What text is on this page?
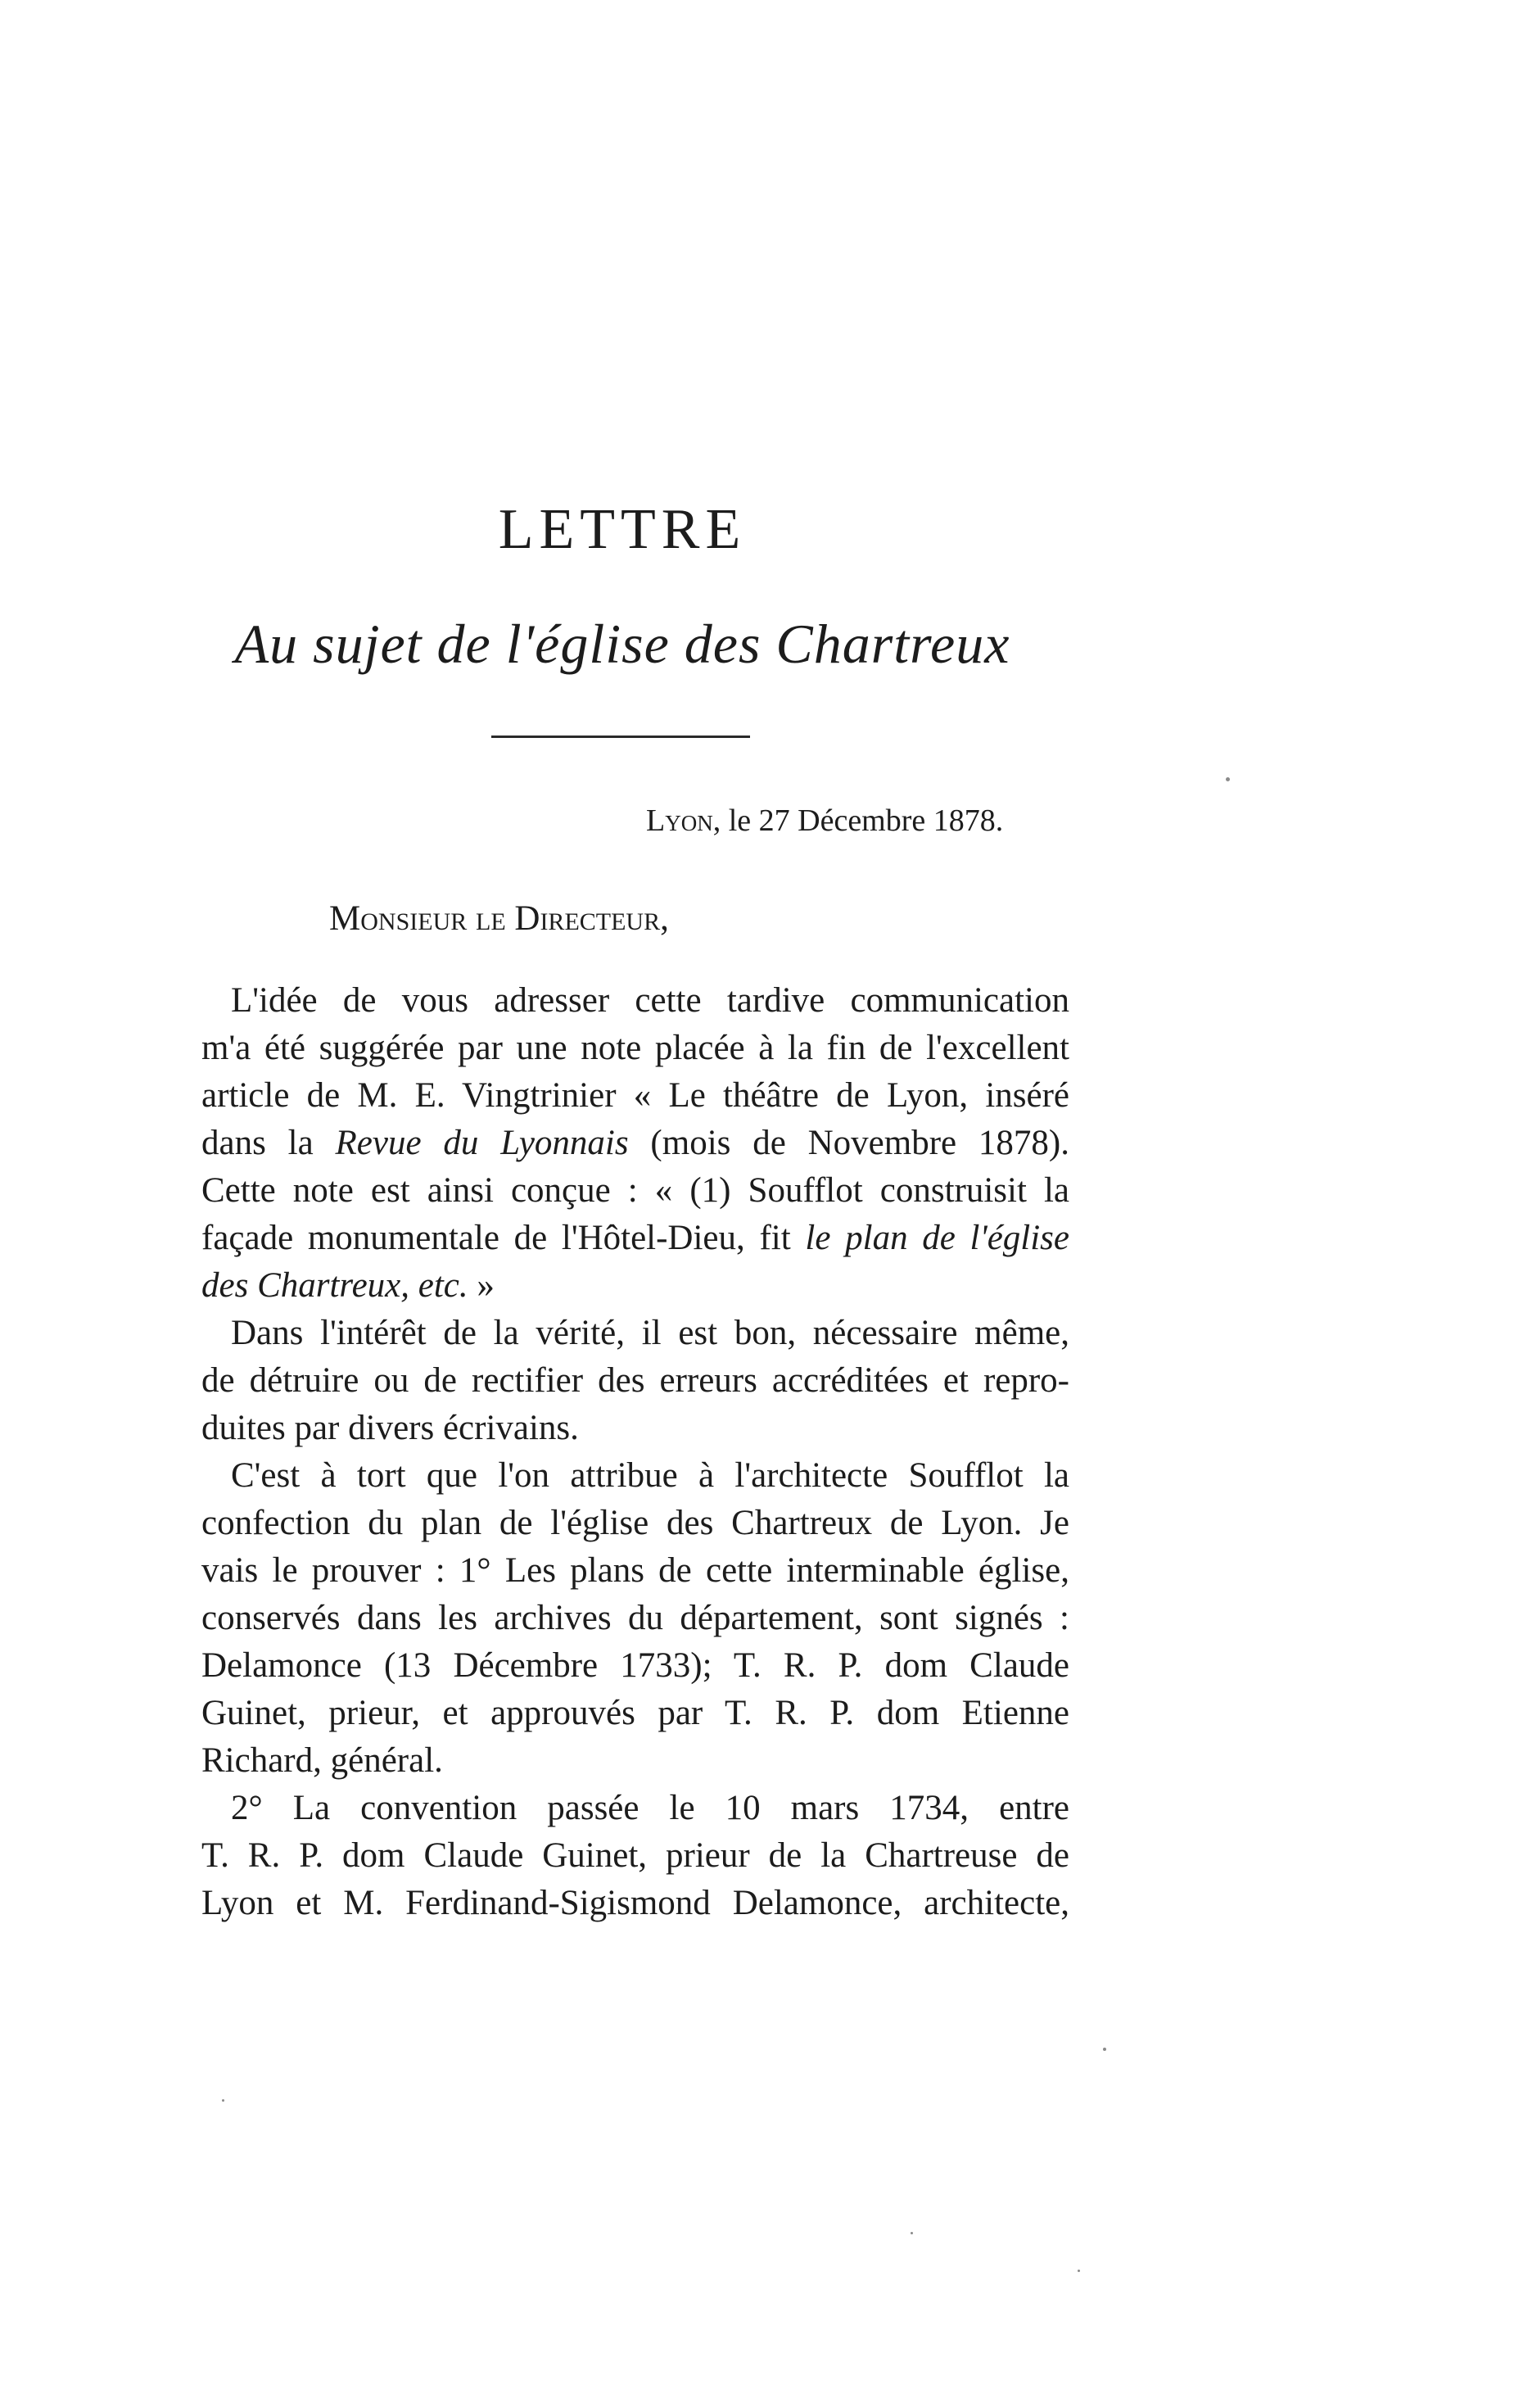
LETTRE
Au sujet de l'église des Chartreux
Lyon, le 27 Décembre 1878.
Monsieur le Directeur,
L'idée de vous adresser cette tardive communication
m'a été suggérée par une note placée à la fin de l'excellent
article de M. E. Vingtrinier « Le théâtre de Lyon, inséré
dans la Revue du Lyonnais (mois de Novembre 1878).
Cette note est ainsi conçue : « (1) Soufflot construisit la
façade monumentale de l'Hôtel-Dieu, fit le plan de l'église
des Chartreux, etc. »
Dans l'intérêt de la vérité, il est bon, nécessaire même,
de détruire ou de rectifier des erreurs accréditées et repro-
duites par divers écrivains.
C'est à tort que l'on attribue à l'architecte Soufflot la
confection du plan de l'église des Chartreux de Lyon. Je
vais le prouver : 1° Les plans de cette interminable église,
conservés dans les archives du département, sont signés :
Delamonce (13 Décembre 1733); T. R. P. dom Claude
Guinet, prieur, et approuvés par T. R. P. dom Etienne
Richard, général.
2° La convention passée le 10 mars 1734, entre
T. R. P. dom Claude Guinet, prieur de la Chartreuse de
Lyon et M. Ferdinand-Sigismond Delamonce, architecte,
